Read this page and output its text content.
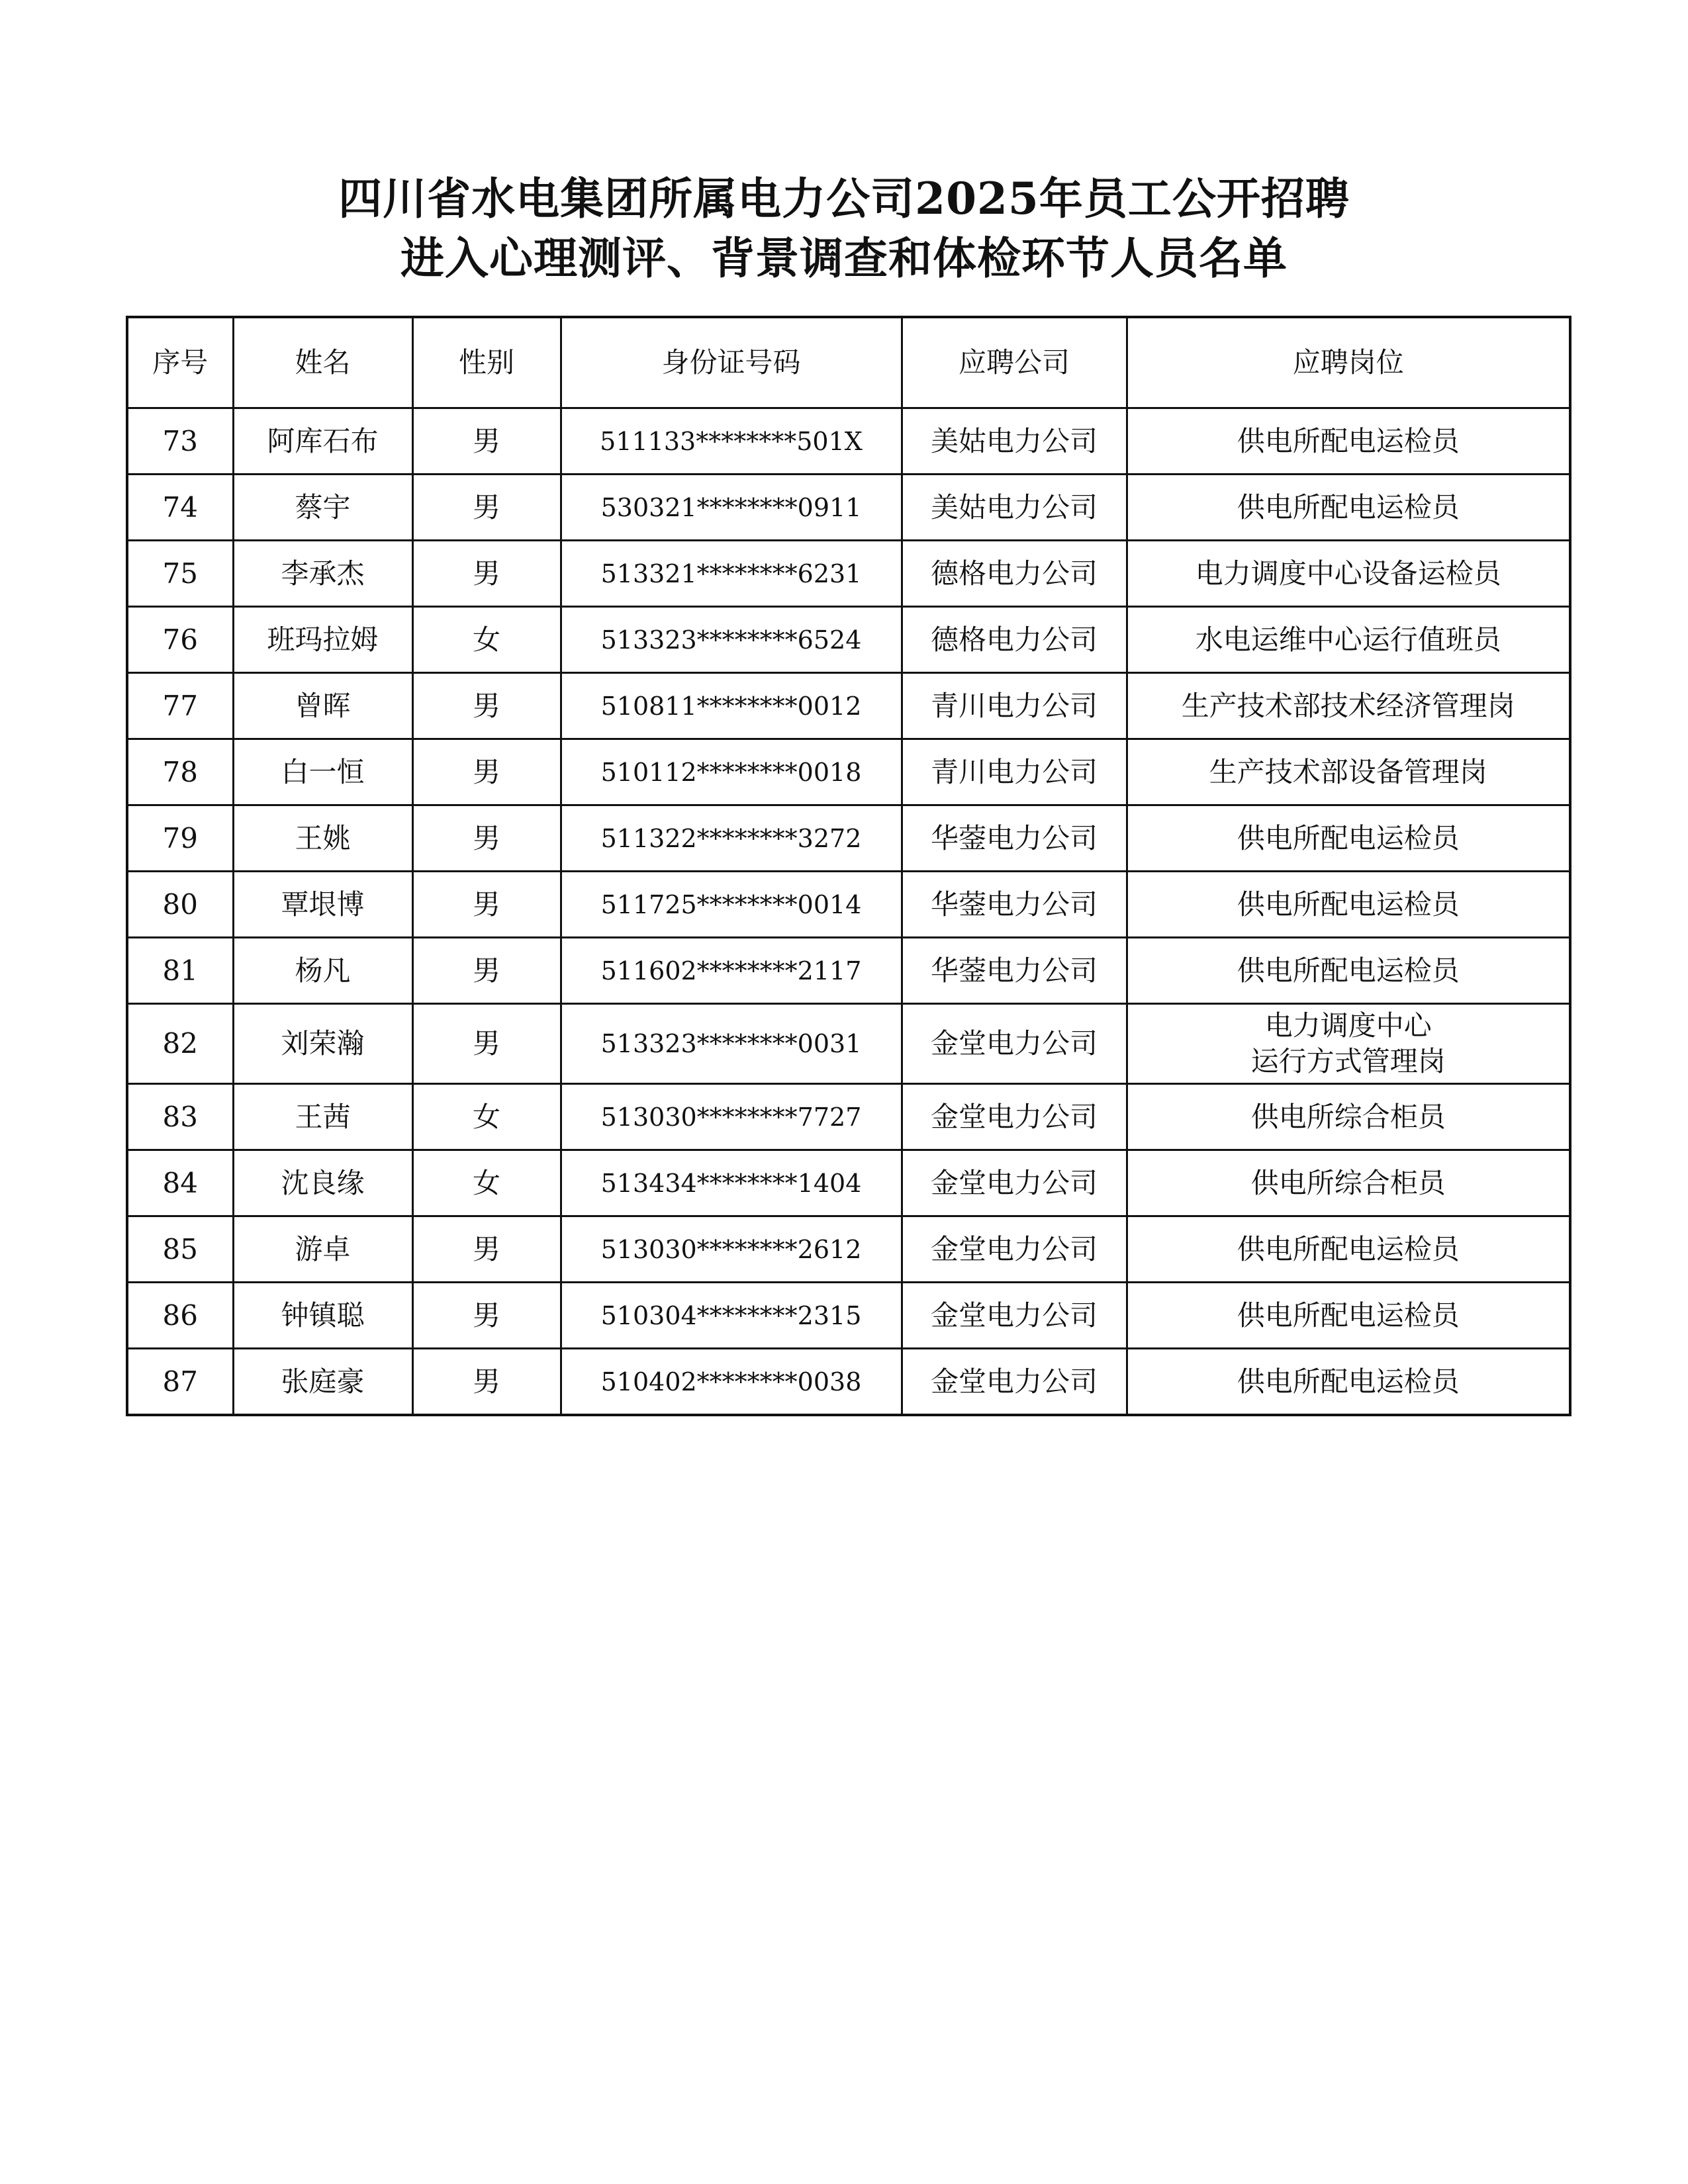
四川省水电集团所属电力公司2025年员工公开招聘
进入心理测评、背景调查和体检环节人员名单
序号	姓名	性别	身份证号码	应聘公司	应聘岗位
73	阿库石布	男	511133********501X	美姑电力公司	供电所配电运检员
74	蔡宇	男	530321********0911	美姑电力公司	供电所配电运检员
75	李承杰	男	513321********6231	德格电力公司	电力调度中心设备运检员
76	班玛拉姆	女	513323********6524	德格电力公司	水电运维中心运行值班员
77	曾晖	男	510811********0012	青川电力公司	生产技术部技术经济管理岗
78	白一恒	男	510112********0018	青川电力公司	生产技术部设备管理岗
79	王姚	男	511322********3272	华蓥电力公司	供电所配电运检员
80	覃垠博	男	511725********0014	华蓥电力公司	供电所配电运检员
81	杨凡	男	511602********2117	华蓥电力公司	供电所配电运检员
82	刘荣瀚	男	513323********0031	金堂电力公司	电力调度中心
运行方式管理岗
83	王茜	女	513030********7727	金堂电力公司	供电所综合柜员
84	沈良缘	女	513434********1404	金堂电力公司	供电所综合柜员
85	游卓	男	513030********2612	金堂电力公司	供电所配电运检员
86	钟镇聪	男	510304********2315	金堂电力公司	供电所配电运检员
87	张庭豪	男	510402********0038	金堂电力公司	供电所配电运检员
